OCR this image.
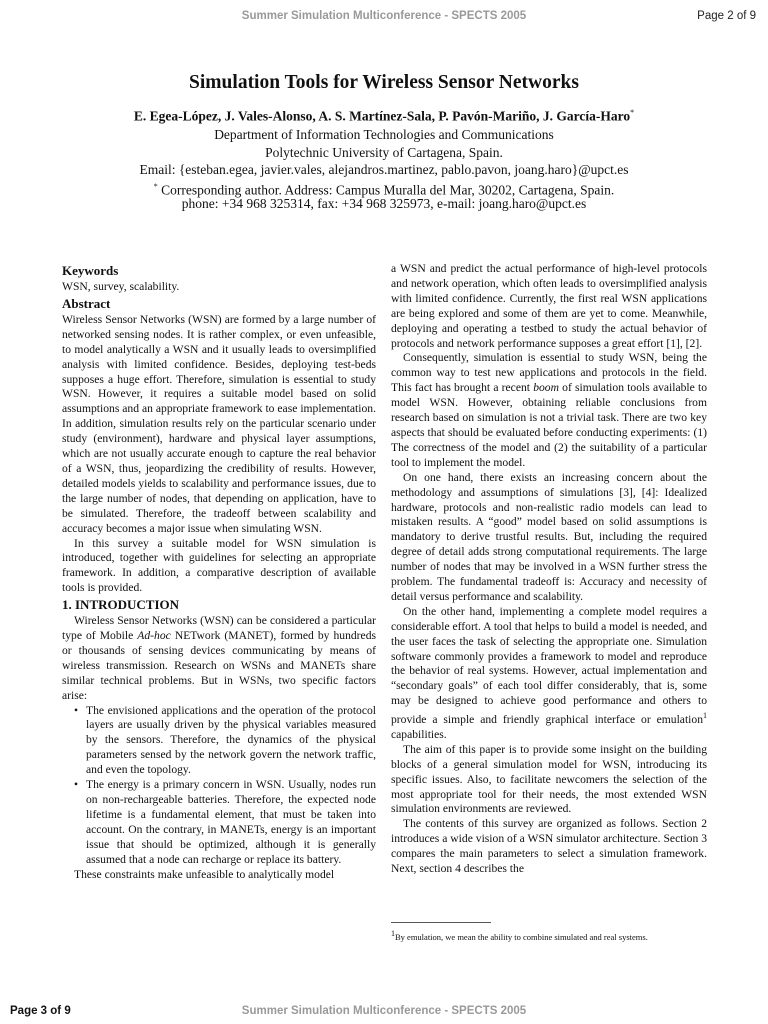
Summer Simulation Multiconference - SPECTS 2005	Page 2 of 9
Simulation Tools for Wireless Sensor Networks
E. Egea-López, J. Vales-Alonso, A. S. Martínez-Sala, P. Pavón-Mariño, J. García-Haro*
Department of Information Technologies and Communications
Polytechnic University of Cartagena, Spain.
Email: {esteban.egea, javier.vales, alejandros.martinez, pablo.pavon, joang.haro}@upct.es
* Corresponding author. Address: Campus Muralla del Mar, 30202, Cartagena, Spain.
phone: +34 968 325314, fax: +34 968 325973, e-mail: joang.haro@upct.es

Keywords

WSN, survey, scalability.

Abstract

Wireless Sensor Networks (WSN) are formed by a large number of networked sensing nodes. It is rather complex, or even unfeasible, to model analytically a WSN and it usually leads to oversimplified analysis with limited confidence. Besides, deploying test-beds supposes a huge effort. Therefore, simulation is essential to study WSN. However, it requires a suitable model based on solid assumptions and an appropriate framework to ease implementation. In addition, simulation results rely on the particular scenario under study (environment), hardware and physical layer assumptions, which are not usually accurate enough to capture the real behavior of a WSN, thus, jeopardizing the credibility of results. However, detailed models yields to scalability and performance issues, due to the large number of nodes, that depending on application, have to be simulated. Therefore, the tradeoff between scalability and accuracy becomes a major issue when simulating WSN.

In this survey a suitable model for WSN simulation is introduced, together with guidelines for selecting an appropriate framework. In addition, a comparative description of available tools is provided.

1. INTRODUCTION

Wireless Sensor Networks (WSN) can be considered a particular type of Mobile Ad-hoc NETwork (MANET), formed by hundreds or thousands of sensing devices communicating by means of wireless transmission. Research on WSNs and MANETs share similar technical problems. But in WSNs, two specific factors arise:

• The envisioned applications and the operation of the protocol layers are usually driven by the physical variables measured by the sensors. Therefore, the dynamics of the physical parameters sensed by the network govern the network traffic, and even the topology.
• The energy is a primary concern in WSN. Usually, nodes run on non-rechargeable batteries. Therefore, the expected node lifetime is a fundamental element, that must be taken into account. On the contrary, in MANETs, energy is an important issue that should be optimized, although it is generally assumed that a node can recharge or replace its battery.

These constraints make unfeasible to analytically model

a WSN and predict the actual performance of high-level protocols and network operation, which often leads to oversimplified analysis with limited confidence. Currently, the first real WSN applications are being explored and some of them are yet to come. Meanwhile, deploying and operating a testbed to study the actual behavior of protocols and network performance supposes a great effort [1], [2].

Consequently, simulation is essential to study WSN, being the common way to test new applications and protocols in the field. This fact has brought a recent boom of simulation tools available to model WSN. However, obtaining reliable conclusions from research based on simulation is not a trivial task. There are two key aspects that should be evaluated before conducting experiments: (1) The correctness of the model and (2) the suitability of a particular tool to implement the model.

On one hand, there exists an increasing concern about the methodology and assumptions of simulations [3], [4]: Idealized hardware, protocols and non-realistic radio models can lead to mistaken results. A “good” model based on solid assumptions is mandatory to derive trustful results. But, including the required degree of detail adds strong computational requirements. The large number of nodes that may be involved in a WSN further stress the problem. The fundamental tradeoff is: Accuracy and necessity of detail versus performance and scalability.

On the other hand, implementing a complete model requires a considerable effort. A tool that helps to build a model is needed, and the user faces the task of selecting the appropriate one. Simulation software commonly provides a framework to model and reproduce the behavior of real systems. However, actual implementation and “secondary goals” of each tool differ considerably, that is, some may be designed to achieve good performance and others to provide a simple and friendly graphical interface or emulation$^1$ capabilities.

The aim of this paper is to provide some insight on the building blocks of a general simulation model for WSN, introducing its specific issues. Also, to facilitate newcomers the selection of the most appropriate tool for their needs, the most extended WSN simulation environments are reviewed.

The contents of this survey are organized as follows. Section 2 introduces a wide vision of a WSN simulator architecture. Section 3 compares the main parameters to select a simulation framework. Next, section 4 describes the

1By emulation, we mean the ability to combine simulated and real systems.
Page 3 of 9	Summer Simulation Multiconference - SPECTS 2005
